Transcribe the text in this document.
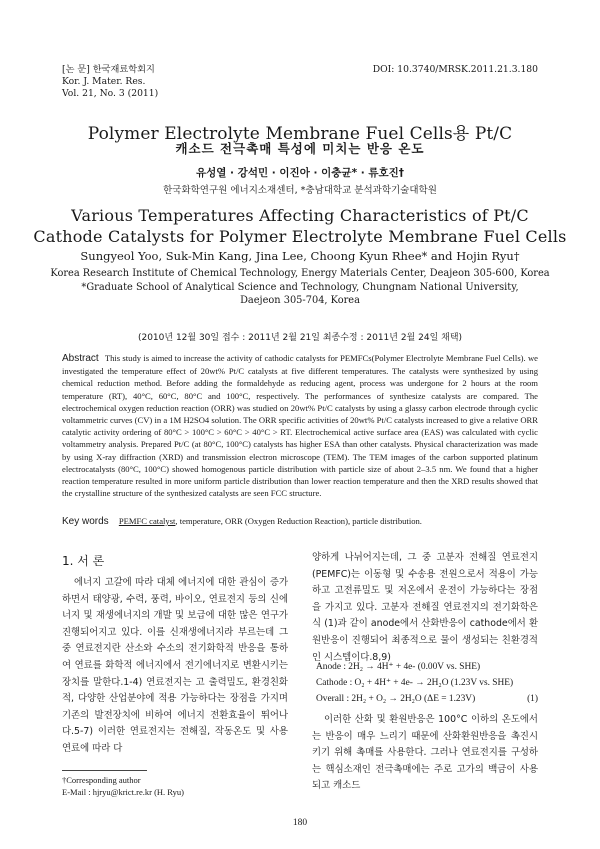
[논 문] 한국재료학회지
Kor. J. Mater. Res.
Vol. 21, No. 3 (2011)
DOI: 10.3740/MRSK.2011.21.3.180
Polymer Electrolyte Membrane Fuel Cells용 Pt/C
캐소드 전극촉매 특성에 미치는 반응 온도
유성열 · 강석민 · 이진아 · 이충균* · 류호진†
한국화학연구원 에너지소재센터, *충남대학교 분석과학기술대학원
Various Temperatures Affecting Characteristics of Pt/C
Cathode Catalysts for Polymer Electrolyte Membrane Fuel Cells
Sungyeol Yoo, Suk-Min Kang, Jina Lee, Choong Kyun Rhee* and Hojin Ryu†
Korea Research Institute of Chemical Technology, Energy Materials Center, Deajeon 305-600, Korea
*Graduate School of Analytical Science and Technology, Chungnam National University,
Daejeon 305-704, Korea
(2010년 12월 30일 접수 : 2011년 2월 21일 최종수정 : 2011년 2월 24일 채택)
Abstract This study is aimed to increase the activity of cathodic catalysts for PEMFCs(Polymer Electrolyte Membrane Fuel Cells). we investigated the temperature effect of 20wt% Pt/C catalysts at five different temperatures. The catalysts were synthesized by using chemical reduction method. Before adding the formaldehyde as reducing agent, process was undergone for 2 hours at the room temperature (RT), 40°C, 60°C, 80°C and 100°C, respectively. The performances of synthesize catalysts are compared. The electrochemical oxygen reduction reaction (ORR) was studied on 20wt% Pt/C catalysts by using a glassy carbon electrode through cyclic voltammetric curves (CV) in a 1M H2SO4 solution. The ORR specific activities of 20wt% Pt/C catalysts increased to give a relative ORR catalytic activity ordering of 80°C > 100°C > 60°C > 40°C > RT. Electrochemical active surface area (EAS) was calculated with cyclic voltammetry analysis. Prepared Pt/C (at 80°C, 100°C) catalysts has higher ESA than other catalysts. Physical characterization was made by using X-ray diffraction (XRD) and transmission electron microscope (TEM). The TEM images of the carbon supported platinum electrocatalysts (80°C, 100°C) showed homogenous particle distribution with particle size of about 2–3.5 nm. We found that a higher reaction temperature resulted in more uniform particle distribution than lower reaction temperature and then the XRD results showed that the crystalline structure of the synthesized catalysts are seen FCC structure.
Key words PEMFC catalyst, temperature, ORR (Oxygen Reduction Reaction), particle distribution.
1. 서 론

에너지 고갈에 따라 대체 에너지에 대한 관심이 증가하면서 태양광, 수력, 풍력, 바이오, 연료전지 등의 신에너지 및 재생에너지의 개발 및 보급에 대한 많은 연구가 진행되어지고 있다. 이를 신재생에너지라 부르는데 그 중 연료전지란 산소와 수소의 전기화학적 반응을 통하여 연료를 화학적 에너지에서 전기에너지로 변환시키는 장치를 말한다.1-4) 연료전지는 고 출력밀도, 환경친화적, 다양한 산업분야에 적용 가능하다는 장점을 가지며 기존의 발전장치에 비하여 에너지 전환효율이 뛰어나다.5-7) 이러한 연료전지는 전해질, 작동온도 및 사용 연료에 따라 다

양하게 나뉘어지는데, 그 중 고분자 전해질 연료전지(PEMFC)는 이동형 및 수송용 전원으로서 적용이 가능하고 고전류밀도 및 저온에서 운전이 가능하다는 장점을 가지고 있다. 고분자 전해질 연료전지의 전기화학은 식 (1)과 같이 anode에서 산화반응이 cathode에서 환원반응이 진행되어 최종적으로 물이 생성되는 친환경적인 시스템이다.8,9)

Anode : 2H₂ → 4H⁺ + 4e- (0.00V vs. SHE)
Cathode : O₂ + 4H⁺ + 4e- → 2H₂O (1.23V vs. SHE)
Overall : 2H₂ + O₂ → 2H₂O (ΔE = 1.23V)	(1)

이러한 산화 및 환원반응은 100°C 이하의 온도에서는 반응이 매우 느리기 때문에 산화환원반응을 촉진시키기 위해 촉매를 사용한다. 그러나 연료전지를 구성하는 핵심소재인 전극촉매에는 주로 고가의 백금이 사용되고 캐소드

†Corresponding author
E-Mail : hjryu@krict.re.kr (H. Ryu)
180
